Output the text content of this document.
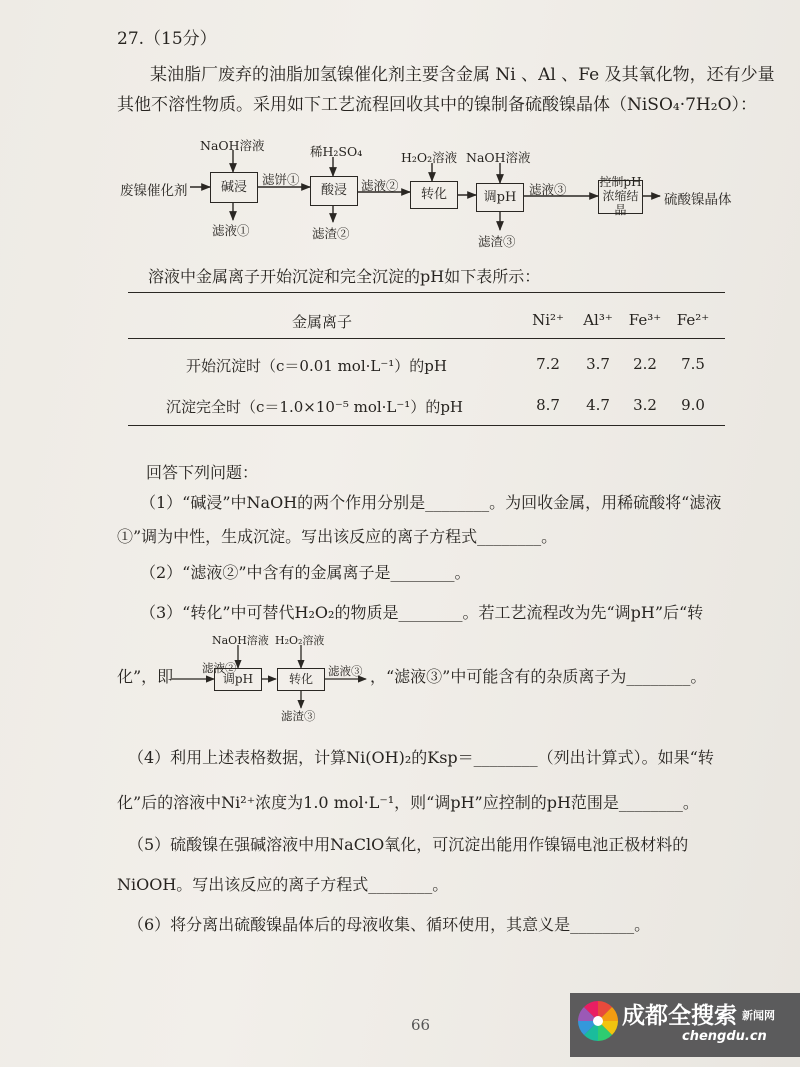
27.（15分）
某油脂厂废弃的油脂加氢镍催化剂主要含金属 Ni 、Al 、Fe 及其氧化物，还有少量
其他不溶性物质。采用如下工艺流程回收其中的镍制备硫酸镍晶体（NiSO₄·7H₂O）：
废镍催化剂	碱浸
NaOH溶液
滤饼①
滤液①
酸浸
稀H₂SO₄
滤液②
滤渣②
转化
H₂O₂溶液
调pH
NaOH溶液
滤液③
滤渣③
控制pH
浓缩结晶
硫酸镍晶体
溶液中金属离子开始沉淀和完全沉淀的pH如下表所示：
金属离子	Ni²⁺	Al³⁺	Fe³⁺ Fe²⁺
开始沉淀时（c＝0.01 mol·L⁻¹）的pH	7.2	3.7	2.2	7.5
沉淀完全时（c＝1.0×10⁻⁵ mol·L⁻¹）的pH	8.7	4.7	3.2	9.0
回答下列问题：
（1）“碱浸”中NaOH的两个作用分别是________。为回收金属，用稀硫酸将“滤液
①”调为中性，生成沉淀。写出该反应的离子方程式________。
（2）“滤液②”中含有的金属离子是________。
（3）“转化”中可替代H₂O₂的物质是________。若工艺流程改为先“调pH”后“转
化”，即	滤液②
调pH
NaOH溶液
转化
H₂O₂溶液
滤液③
滤渣③
，“滤液③”中可能含有的杂质离子为________。
（4）利用上述表格数据，计算Ni(OH)₂的Ksp＝________（列出计算式）。如果“转
化”后的溶液中Ni²⁺浓度为1.0 mol·L⁻¹，则“调pH”应控制的pH范围是________。
（5）硫酸镍在强碱溶液中用NaClO氧化，可沉淀出能用作镍镉电池正极材料的
NiOOH。写出该反应的离子方程式________。
（6）将分离出硫酸镍晶体后的母液收集、循环使用，其意义是________。
66	成都全搜索 新闻网
chengdu.cn
